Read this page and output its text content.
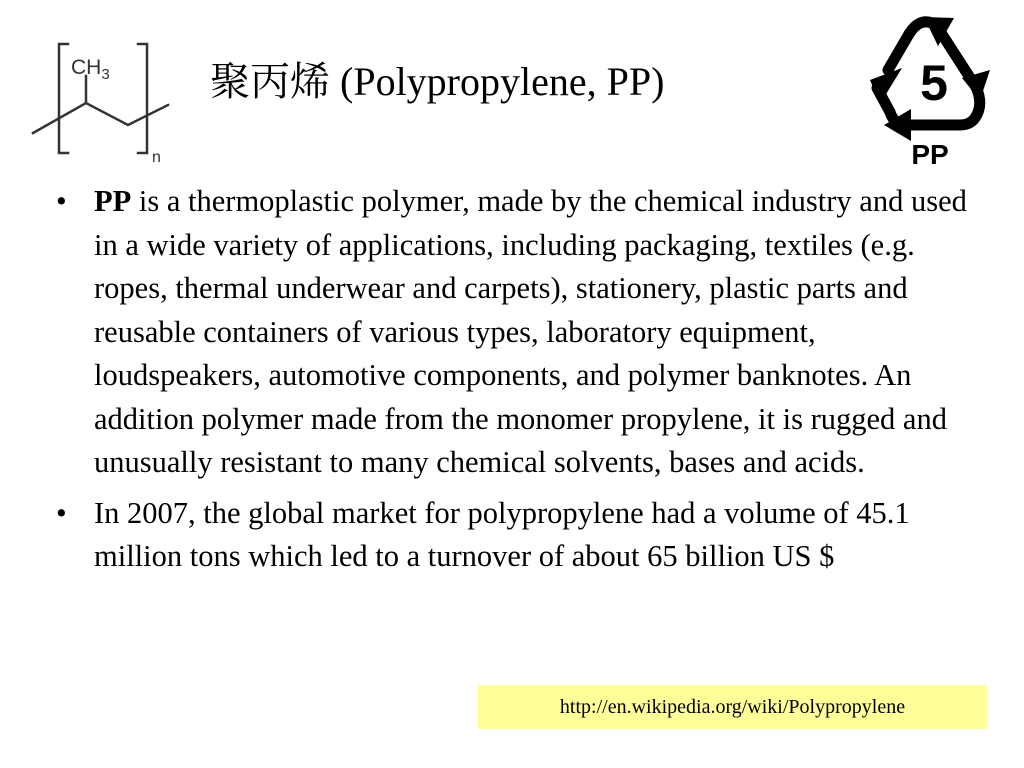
$CH_3$
n
聚丙烯 (Polypropylene, PP)	5
PP
• PP is a thermoplastic polymer, made by the chemical industry and used in a wide variety of applications, including packaging, textiles (e.g. ropes, thermal underwear and carpets), stationery, plastic parts and reusable containers of various types, laboratory equipment, loudspeakers, automotive components, and polymer banknotes. An addition polymer made from the monomer propylene, it is rugged and unusually resistant to many chemical solvents, bases and acids.
• In 2007, the global market for polypropylene had a volume of 45.1 million tons which led to a turnover of about 65 billion US $
http://en.wikipedia.org/wiki/Polypropylene
